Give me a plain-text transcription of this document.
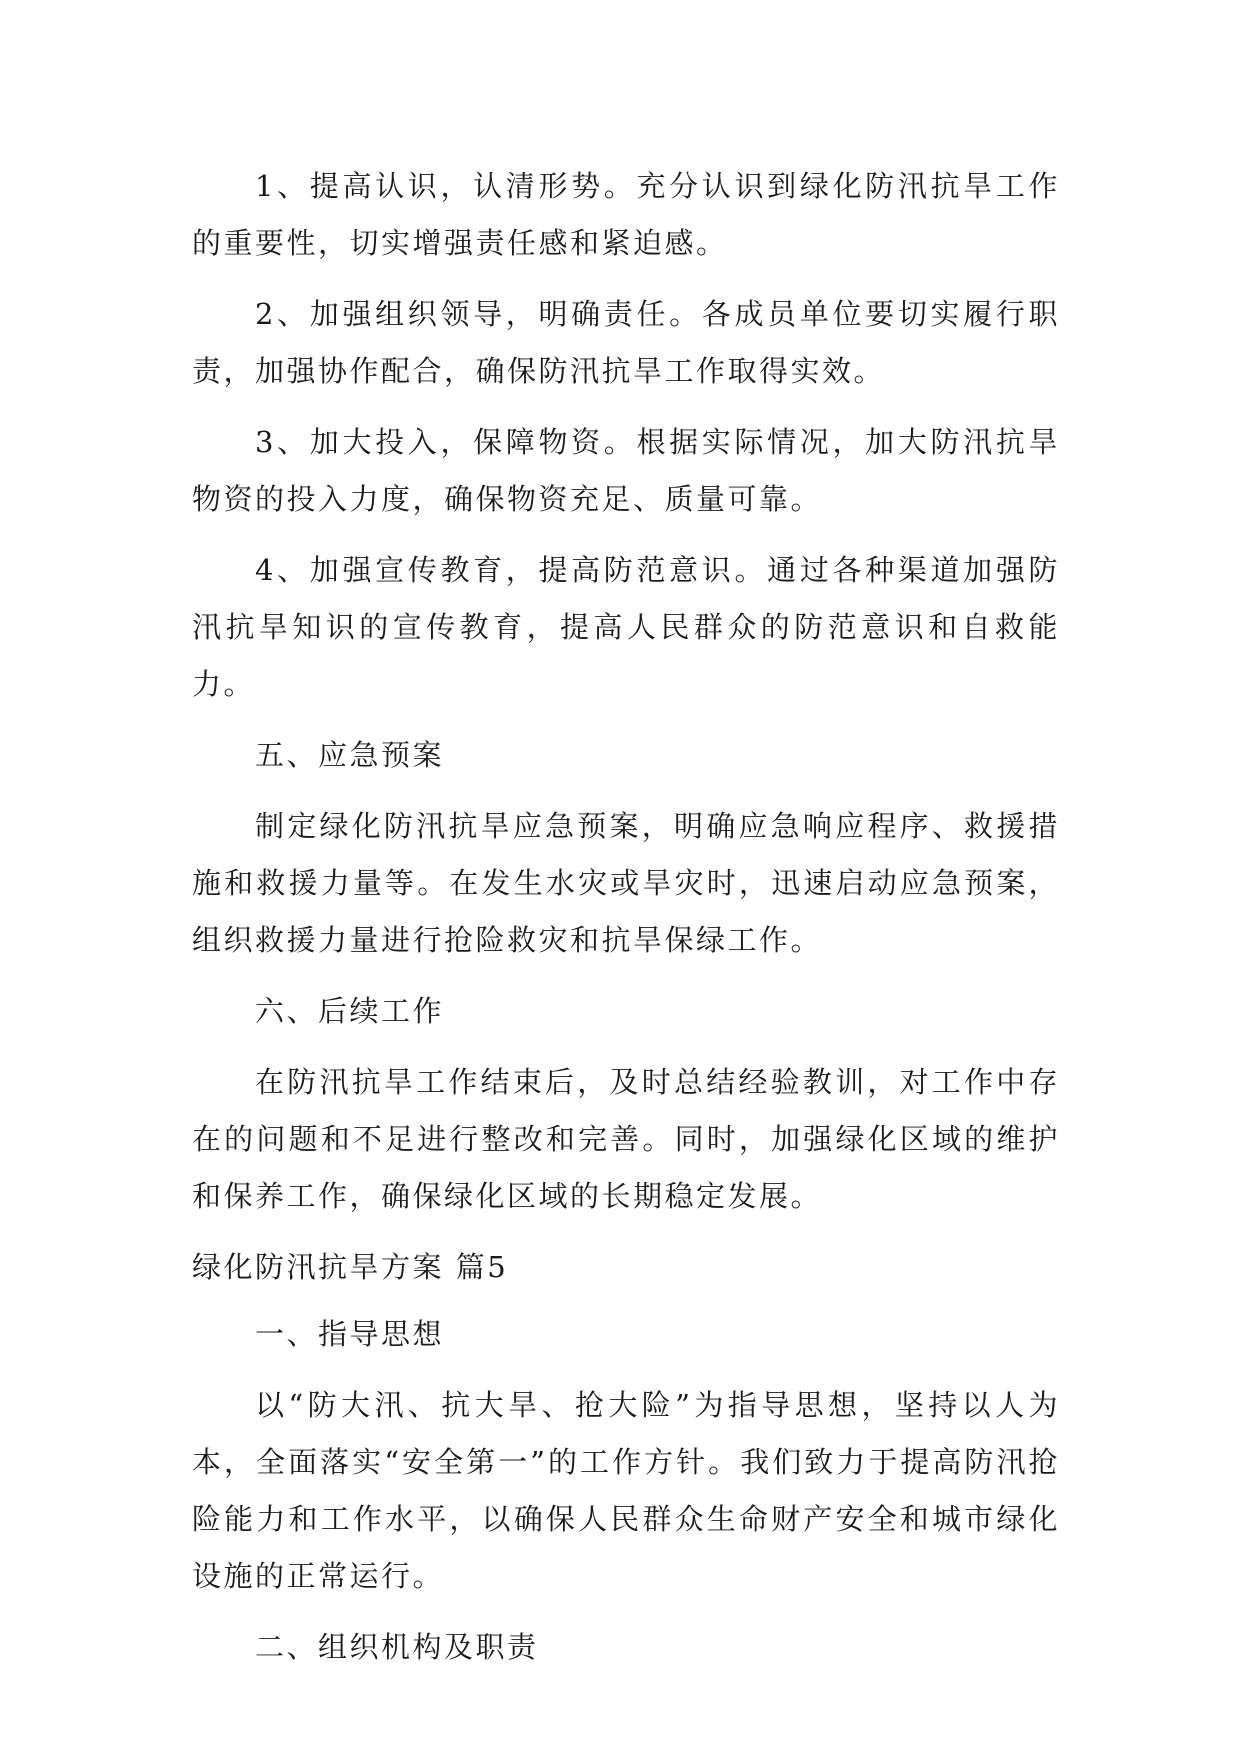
1、提高认识，认清形势。充分认识到绿化防汛抗旱工作的重要性，切实增强责任感和紧迫感。

2、加强组织领导，明确责任。各成员单位要切实履行职责，加强协作配合，确保防汛抗旱工作取得实效。

3、加大投入，保障物资。根据实际情况，加大防汛抗旱物资的投入力度，确保物资充足、质量可靠。

4、加强宣传教育，提高防范意识。通过各种渠道加强防汛抗旱知识的宣传教育，提高人民群众的防范意识和自救能力。

五、应急预案

制定绿化防汛抗旱应急预案，明确应急响应程序、救援措施和救援力量等。在发生水灾或旱灾时，迅速启动应急预案，组织救援力量进行抢险救灾和抗旱保绿工作。

六、后续工作

在防汛抗旱工作结束后，及时总结经验教训，对工作中存在的问题和不足进行整改和完善。同时，加强绿化区域的维护和保养工作，确保绿化区域的长期稳定发展。

绿化防汛抗旱方案 篇5

一、指导思想

以“防大汛、抗大旱、抢大险”为指导思想，坚持以人为本，全面落实“安全第一”的工作方针。我们致力于提高防汛抢险能力和工作水平，以确保人民群众生命财产安全和城市绿化设施的正常运行。

二、组织机构及职责
